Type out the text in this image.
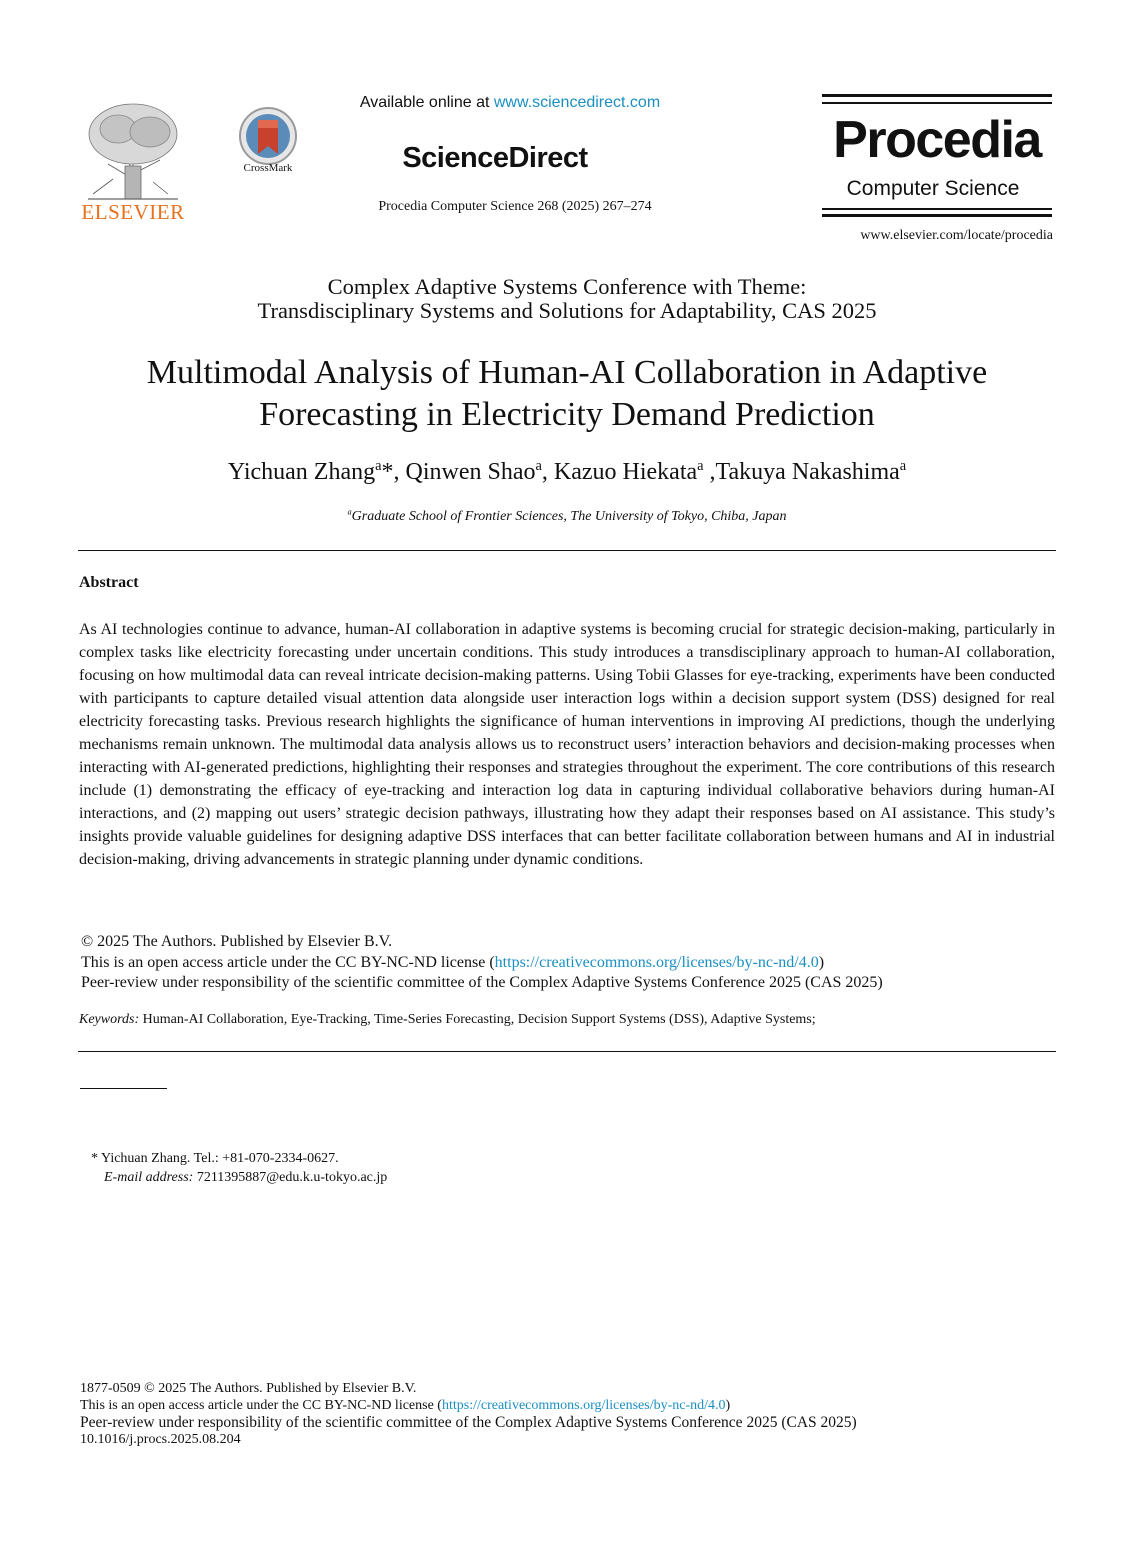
ELSEVIER
CrossMark
Available online at www.sciencedirect.com
ScienceDirect
Procedia Computer Science 268 (2025) 267–274
Procedia
Computer Science
www.elsevier.com/locate/procedia
Complex Adaptive Systems Conference with Theme:
Transdisciplinary Systems and Solutions for Adaptability, CAS 2025
Multimodal Analysis of Human-AI Collaboration in Adaptive
Forecasting in Electricity Demand Prediction
Yichuan Zhang$^a$*, Qinwen Shao$^a$, Kazuo Hiekata$^a$ ,Takuya Nakashima$^a$
$^a$Graduate School of Frontier Sciences, The University of Tokyo, Chiba, Japan
Abstract
As AI technologies continue to advance, human-AI collaboration in adaptive systems is becoming crucial for strategic decision-making, particularly in complex tasks like electricity forecasting under uncertain conditions. This study introduces a transdisciplinary approach to human-AI collaboration, focusing on how multimodal data can reveal intricate decision-making patterns. Using Tobii Glasses for eye-tracking, experiments have been conducted with participants to capture detailed visual attention data alongside user interaction logs within a decision support system (DSS) designed for real electricity forecasting tasks. Previous research highlights the significance of human interventions in improving AI predictions, though the underlying mechanisms remain unknown. The multimodal data analysis allows us to reconstruct users’ interaction behaviors and decision-making processes when interacting with AI-generated predictions, highlighting their responses and strategies throughout the experiment. The core contributions of this research include (1) demonstrating the efficacy of eye-tracking and interaction log data in capturing individual collaborative behaviors during human-AI interactions, and (2) mapping out users’ strategic decision pathways, illustrating how they adapt their responses based on AI assistance. This study’s insights provide valuable guidelines for designing adaptive DSS interfaces that can better facilitate collaboration between humans and AI in industrial decision-making, driving advancements in strategic planning under dynamic conditions.
© 2025 The Authors. Published by Elsevier B.V.
This is an open access article under the CC BY-NC-ND license (https://creativecommons.org/licenses/by-nc-nd/4.0)
Peer-review under responsibility of the scientific committee of the Complex Adaptive Systems Conference 2025 (CAS 2025)
Keywords: Human-AI Collaboration, Eye-Tracking, Time-Series Forecasting, Decision Support Systems (DSS), Adaptive Systems;
* Yichuan Zhang. Tel.: +81-070-2334-0627.
E-mail address: 7211395887@edu.k.u-tokyo.ac.jp
1877-0509 © 2025 The Authors. Published by Elsevier B.V.
This is an open access article under the CC BY-NC-ND license (https://creativecommons.org/licenses/by-nc-nd/4.0)
Peer-review under responsibility of the scientific committee of the Complex Adaptive Systems Conference 2025 (CAS 2025)
10.1016/j.procs.2025.08.204
